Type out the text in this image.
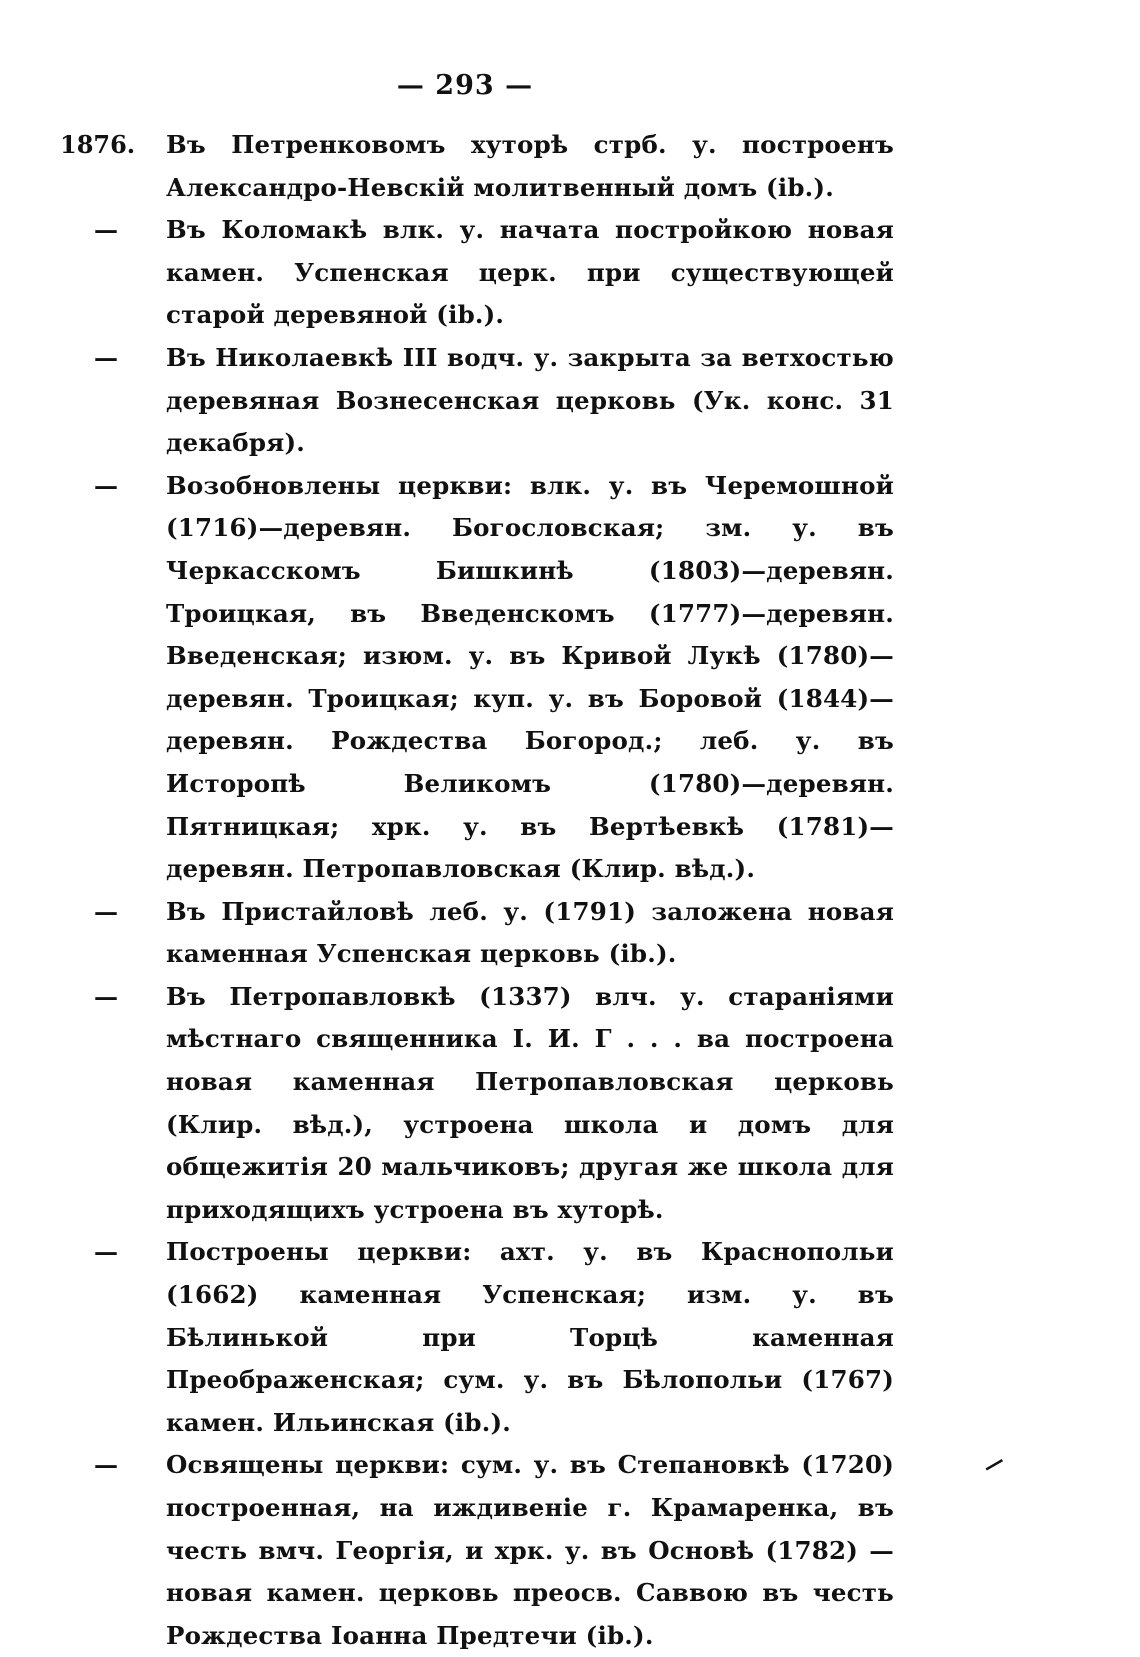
— 293 —
1876.	Въ Петренковомъ хуторѣ стрб. у. построенъ Александро-Невскій молитвенный домъ (ib.).
—	Въ Коломакѣ влк. у. начата постройкою новая камен. Успенская церк. при существующей старой деревяной (ib.).
—	Въ Николаевкѣ III водч. у. закрыта за ветхостью деревяная Вознесенская церковь (Ук. конс. 31 декабря).
—	Возобновлены церкви: влк. у. въ Черемошной (1716)—деревян. Богословская; зм. у. въ Черкасскомъ Бишкинѣ (1803)—деревян. Троицкая, въ Введенскомъ (1777)—деревян. Введенская; изюм. у. въ Кривой Лукѣ (1780)—деревян. Троицкая; куп. у. въ Боровой (1844)—деревян. Рождества Богород.; леб. у. въ Исторопѣ Великомъ (1780)—деревян. Пятницкая; хрк. у. въ Вертѣевкѣ (1781)—деревян. Петропавловская (Клир. вѣд.).
—	Въ Пристайловѣ леб. у. (1791) заложена новая каменная Успенская церковь (ib.).
—	Въ Петропавловкѣ (1337) влч. у. стараніями мѣстнаго священника І. И. Г . . . ва построена новая каменная Петропавловская церковь (Клир. вѣд.), устроена школа и домъ для общежитія 20 мальчиковъ; другая же школа для приходящихъ устроена въ хуторѣ.
—	Построены церкви: ахт. у. въ Краснопольи (1662) каменная Успенская; изм. у. въ Бѣлинькой при Торцѣ каменная Преображенская; сум. у. въ Бѣлопольи (1767) камен. Ильинская (ib.).
—	Освящены церкви: сум. у. въ Степановкѣ (1720) построенная, на иждивеніе г. Крамаренка, въ честь вмч. Георгія, и хрк. у. въ Основѣ (1782) — новая камен. церковь преосв. Саввою въ честь Рождества Іоанна Предтечи (ib.).
─
